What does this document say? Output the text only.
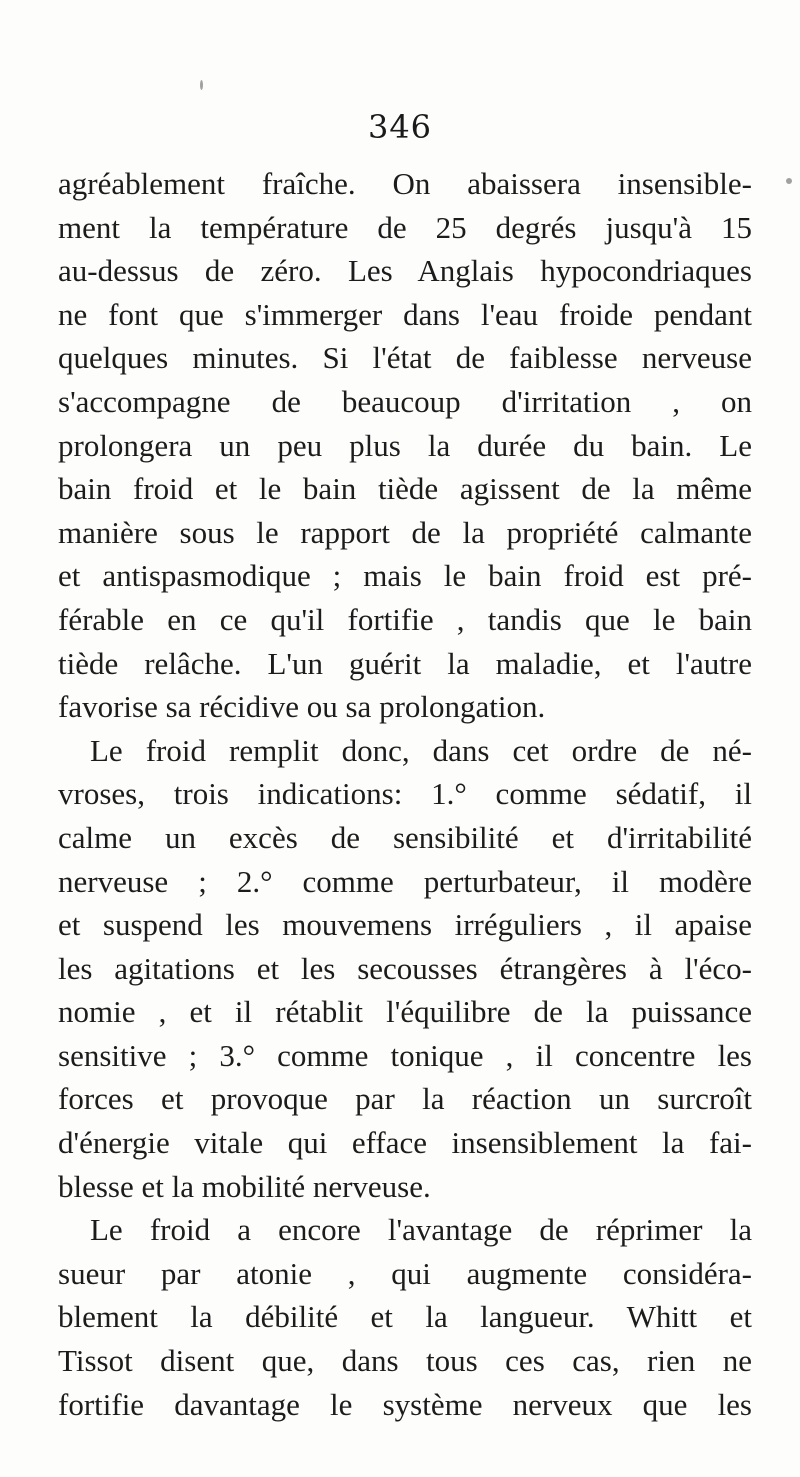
346
agréablement fraîche. On abaissera insensible-
ment la température de 25 degrés jusqu'à 15
au-dessus de zéro. Les Anglais hypocondriaques
ne font que s'immerger dans l'eau froide pendant
quelques minutes. Si l'état de faiblesse nerveuse
s'accompagne de beaucoup d'irritation , on
prolongera un peu plus la durée du bain. Le
bain froid et le bain tiède agissent de la même
manière sous le rapport de la propriété calmante
et antispasmodique ; mais le bain froid est pré-
férable en ce qu'il fortifie , tandis que le bain
tiède relâche. L'un guérit la maladie, et l'autre
favorise sa récidive ou sa prolongation.
Le froid remplit donc, dans cet ordre de né-
vroses, trois indications: 1.° comme sédatif, il
calme un excès de sensibilité et d'irritabilité
nerveuse ; 2.° comme perturbateur, il modère
et suspend les mouvemens irréguliers , il apaise
les agitations et les secousses étrangères à l'éco-
nomie , et il rétablit l'équilibre de la puissance
sensitive ; 3.° comme tonique , il concentre les
forces et provoque par la réaction un surcroît
d'énergie vitale qui efface insensiblement la fai-
blesse et la mobilité nerveuse.
Le froid a encore l'avantage de réprimer la
sueur par atonie , qui augmente considéra-
blement la débilité et la langueur. Whitt et
Tissot disent que, dans tous ces cas, rien ne
fortifie davantage le système nerveux que les
